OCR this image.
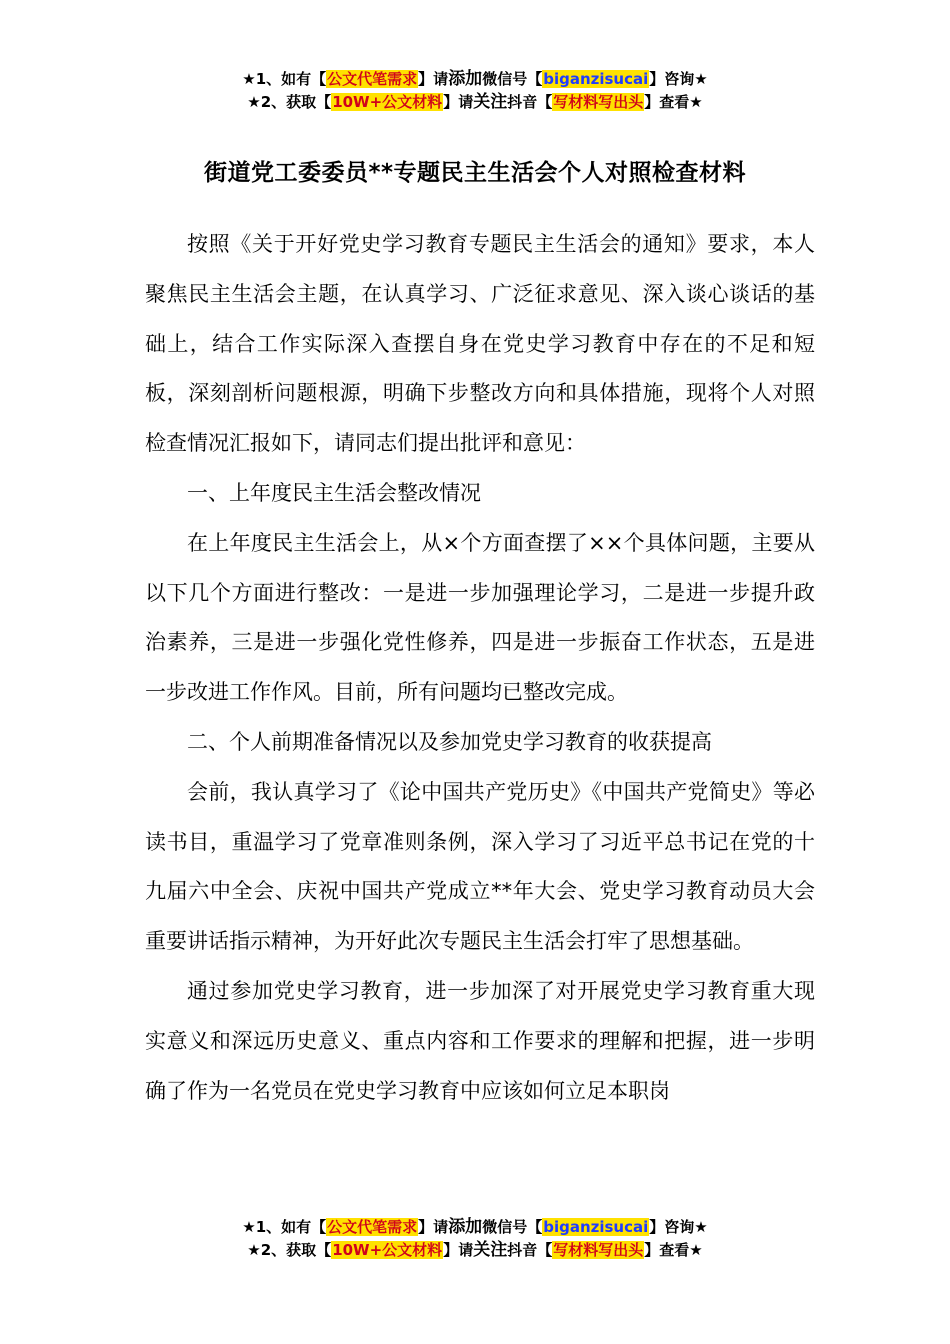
★1、如有【公文代笔需求】请添加微信号【biganzisucai】咨询★
★2、获取【10W+公文材料】请关注抖音【写材料写出头】查看★
街道党工委委员**专题民主生活会个人对照检查材料

按照《关于开好党史学习教育专题民主生活会的通知》要求，本人聚焦民主生活会主题，在认真学习、广泛征求意见、深入谈心谈话的基础上，结合工作实际深入查摆自身在党史学习教育中存在的不足和短板，深刻剖析问题根源，明确下步整改方向和具体措施，现将个人对照检查情况汇报如下，请同志们提出批评和意见：

一、上年度民主生活会整改情况

在上年度民主生活会上，从×个方面查摆了××个具体问题，主要从以下几个方面进行整改：一是进一步加强理论学习，二是进一步提升政治素养，三是进一步强化党性修养，四是进一步振奋工作状态，五是进一步改进工作作风。目前，所有问题均已整改完成。

二、个人前期准备情况以及参加党史学习教育的收获提高

会前，我认真学习了《论中国共产党历史》《中国共产党简史》等必读书目，重温学习了党章准则条例，深入学习了习近平总书记在党的十九届六中全会、庆祝中国共产党成立**年大会、党史学习教育动员大会重要讲话指示精神，为开好此次专题民主生活会打牢了思想基础。

通过参加党史学习教育，进一步加深了对开展党史学习教育重大现实意义和深远历史意义、重点内容和工作要求的理解和把握，进一步明确了作为一名党员在党史学习教育中应该如何立足本职岗

★1、如有【公文代笔需求】请添加微信号【biganzisucai】咨询★
★2、获取【10W+公文材料】请关注抖音【写材料写出头】查看★
